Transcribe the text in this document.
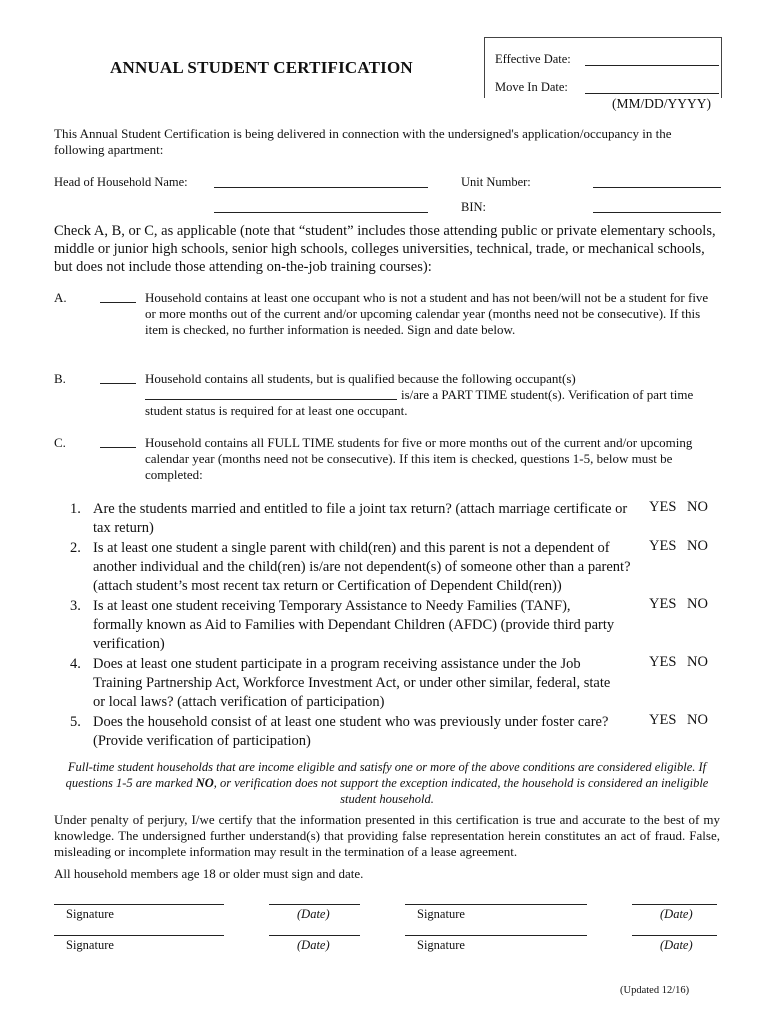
ANNUAL STUDENT CERTIFICATION	Effective Date:
Move In Date:
(MM/DD/YYYY)
This Annual Student Certification is being delivered in connection with the undersigned's application/occupancy in the following apartment:
Head of Household Name:	Unit Number:
BIN:
Check A, B, or C, as applicable (note that “student” includes those attending public or private elementary schools, middle or junior high schools, senior high schools, colleges universities, technical, trade, or mechanical schools, but does not include those attending on-the-job training courses):
A.	Household contains at least one occupant who is not a student and has not been/will not be a student for five or more months out of the current and/or upcoming calendar year (months need not be consecutive). If this item is checked, no further information is needed. Sign and date below.
B.	Household contains all students, but is qualified because the following occupant(s)
is/are a PART TIME student(s). Verification of part time student status is required for at least one occupant.
C.	Household contains all FULL TIME students for five or more months out of the current and/or upcoming calendar year (months need not be consecutive). If this item is checked, questions 1-5, below must be completed:
1. Are the students married and entitled to file a joint tax return? (attach marriage certificate or tax return)
YES NO
2. Is at least one student a single parent with child(ren) and this parent is not a dependent of another individual and the child(ren) is/are not dependent(s) of someone other than a parent? (attach student’s most recent tax return or Certification of Dependent Child(ren))
YES NO
3. Is at least one student receiving Temporary Assistance to Needy Families (TANF), formally known as Aid to Families with Dependant Children (AFDC) (provide third party verification)
YES NO
4. Does at least one student participate in a program receiving assistance under the Job Training Partnership Act, Workforce Investment Act, or under other similar, federal, state or local laws? (attach verification of participation)
YES NO
5. Does the household consist of at least one student who was previously under foster care? (Provide verification of participation)
YES NO
Full-time student households that are income eligible and satisfy one or more of the above conditions are considered eligible. If questions 1-5 are marked NO, or verification does not support the exception indicated, the household is considered an ineligible student household.
Under penalty of perjury, I/we certify that the information presented in this certification is true and accurate to the best of my knowledge. The undersigned further understand(s) that providing false representation herein constitutes an act of fraud. False, misleading or incomplete information may result in the termination of a lease agreement.
All household members age 18 or older must sign and date.
Signature	(Date)	Signature	(Date)
Signature	(Date)	Signature	(Date)
(Updated 12/16)
